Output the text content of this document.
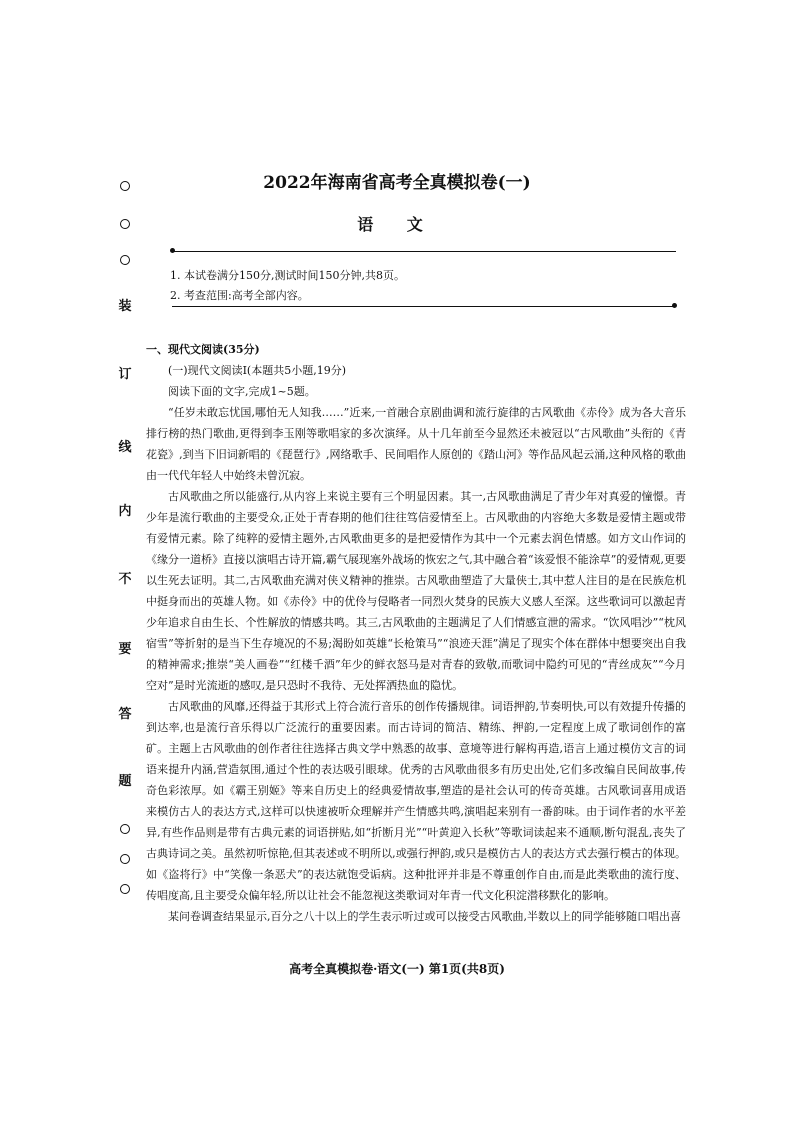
装
订
线
内
不
要
答
题
2022年海南省高考全真模拟卷(一)
语 文
1. 本试卷满分150分,测试时间150分钟,共8页。
2. 考查范围:高考全部内容。

一、现代文阅读(35分)

(一)现代文阅读Ⅰ(本题共5小题,19分)

阅读下面的文字,完成1~5题。

“任岁未敢忘忧国,哪怕无人知我……”近来,一首融合京剧曲调和流行旋律的古风歌曲《赤伶》成为各大音乐排行榜的热门歌曲,更得到李玉刚等歌唱家的多次演绎。从十几年前至今显然还未被冠以“古风歌曲”头衔的《青花瓷》,到当下旧词新唱的《琵琶行》,网络歌手、民间唱作人原创的《踏山河》等作品风起云涌,这种风格的歌曲由一代代年轻人中始终未曾沉寂。

古风歌曲之所以能盛行,从内容上来说主要有三个明显因素。其一,古风歌曲满足了青少年对真爱的憧憬。青少年是流行歌曲的主要受众,正处于青春期的他们往往笃信爱情至上。古风歌曲的内容绝大多数是爱情主题或带有爱情元素。除了纯粹的爱情主题外,古风歌曲更多的是把爱情作为其中一个元素去润色情感。如方文山作词的《缘分一道桥》直接以演唱古诗开篇,霸气展现塞外战场的恢宏之气,其中融合着“该爱恨不能涂草”的爱情观,更要以生死去证明。其二,古风歌曲充满对侠义精神的推崇。古风歌曲塑造了大量侠士,其中惹人注目的是在民族危机中挺身而出的英雄人物。如《赤伶》中的优伶与侵略者一同烈火焚身的民族大义感人至深。这些歌词可以激起青少年追求自由生长、个性解放的情感共鸣。其三,古风歌曲的主题满足了人们情感宣泄的需求。“饮风唱沙”“枕风宿雪”等折射的是当下生存境况的不易;渴盼如英雄“长枪策马”“浪迹天涯”满足了现实个体在群体中想要突出自我的精神需求;推崇“美人画卷”“红楼千酒”年少的鲜衣怒马是对青春的致敬,而歌词中隐约可见的“青丝成灰”“今月空对”是时光流逝的感叹,是只恐时不我待、无处挥洒热血的隐忧。

古风歌曲的风靡,还得益于其形式上符合流行音乐的创作传播规律。词语押韵,节奏明快,可以有效提升传播的到达率,也是流行音乐得以广泛流行的重要因素。而古诗词的简洁、精练、押韵,一定程度上成了歌词创作的富矿。主题上古风歌曲的创作者往往选择古典文学中熟悉的故事、意境等进行解构再造,语言上通过模仿文言的词语来提升内涵,营造氛围,通过个性的表达吸引眼球。优秀的古风歌曲很多有历史出处,它们多改编自民间故事,传奇色彩浓厚。如《霸王别姬》等来自历史上的经典爱情故事,塑造的是社会认可的传奇英雄。古风歌词喜用成语来模仿古人的表达方式,这样可以快速被听众理解并产生情感共鸣,演唱起来别有一番韵味。由于词作者的水平差异,有些作品则是带有古典元素的词语拼贴,如“折断月光”“叶黄迎入长秋”等歌词读起来不通顺,断句混乱,丧失了古典诗词之美。虽然初听惊艳,但其表述或不明所以,或强行押韵,或只是模仿古人的表达方式去强行模古的体现。如《盗将行》中“笑像一条恶犬”的表达就饱受诟病。这种批评并非是不尊重创作自由,而是此类歌曲的流行度、传唱度高,且主要受众偏年轻,所以让社会不能忽视这类歌词对年青一代文化积淀潜移默化的影响。

某问卷调查结果显示,百分之八十以上的学生表示听过或可以接受古风歌曲,半数以上的同学能够随口唱出喜

高考全真模拟卷·语文(一) 第1页(共8页)
